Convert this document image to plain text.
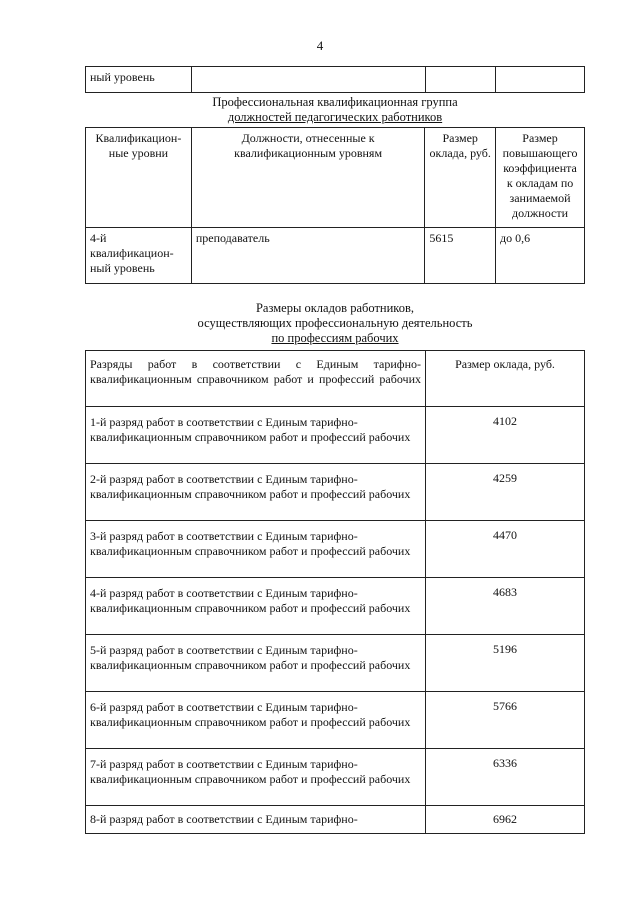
4
ный уровень			
Профессиональная квалификационная группа
должностей педагогических работников
Квалификацион-ные уровни	Должности, отнесенные к квалификационным уровням	Размер оклада, руб.	Размер повышающего коэффициента к окладам по занимаемой должности
4-й квалификацион-ный уровень	преподаватель	5615	до 0,6
Размеры окладов работников,
осуществляющих профессиональную деятельность
по профессиям рабочих
Разряды работ в соответствии с Единым тарифно-квалификационным справочником работ и профессий рабочих	Размер оклада, руб.
1-й разряд работ в соответствии с Единым тарифно-квалификационным справочником работ и профессий рабочих	4102
2-й разряд работ в соответствии с Единым тарифно-квалификационным справочником работ и профессий рабочих	4259
3-й разряд работ в соответствии с Единым тарифно-квалификационным справочником работ и профессий рабочих	4470
4-й разряд работ в соответствии с Единым тарифно-квалификационным справочником работ и профессий рабочих	4683
5-й разряд работ в соответствии с Единым тарифно-квалификационным справочником работ и профессий рабочих	5196
6-й разряд работ в соответствии с Единым тарифно-квалификационным справочником работ и профессий рабочих	5766
7-й разряд работ в соответствии с Единым тарифно-квалификационным справочником работ и профессий рабочих	6336
8-й разряд работ в соответствии с Единым тарифно-	6962
